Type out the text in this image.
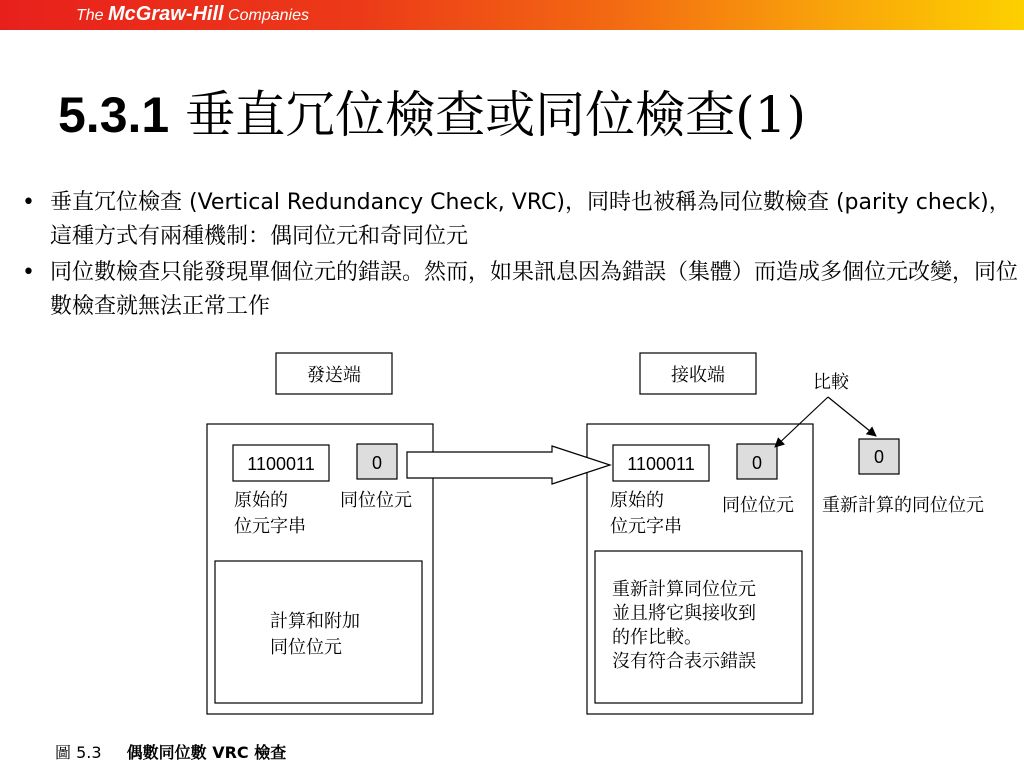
The McGraw-Hill Companies
5.3.1 垂直冗位檢查或同位檢查(1)
• 垂直冗位檢查 (Vertical Redundancy Check, VRC)，同時也被稱為同位數檢查 (parity check)，這種方式有兩種機制：偶同位元和奇同位元
• 同位數檢查只能發現單個位元的錯誤。然而，如果訊息因為錯誤（集體）而造成多個位元改變，同位數檢查就無法正常工作
發送端	接收端	比較
1100011	0	1100011	0	0
原始的
位元字串
同位位元	原始的
位元字串
同位位元 重新計算的同位位元
計算和附加
同位位元
重新計算同位位元
並且將它與接收到
的作比較。
沒有符合表示錯誤
圖 5.3 偶數同位數 VRC 檢查
